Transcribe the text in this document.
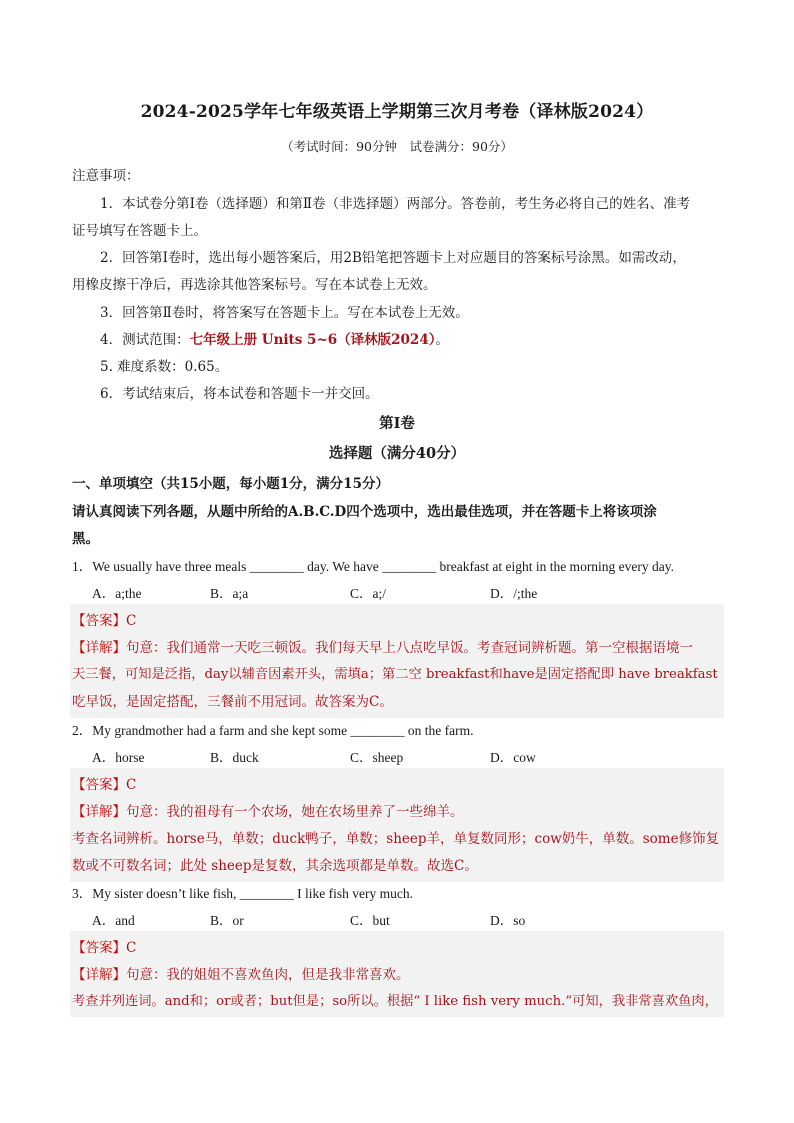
2024-2025学年七年级英语上学期第三次月考卷（译林版2024）
（考试时间：90分钟　试卷满分：90分）
注意事项：
1．本试卷分第Ⅰ卷（选择题）和第Ⅱ卷（非选择题）两部分。答卷前，考生务必将自己的姓名、准考
证号填写在答题卡上。
2．回答第Ⅰ卷时，选出每小题答案后，用2B铅笔把答题卡上对应题目的答案标号涂黑。如需改动，
用橡皮擦干净后，再选涂其他答案标号。写在本试卷上无效。
3．回答第Ⅱ卷时，将答案写在答题卡上。写在本试卷上无效。
4．测试范围：七年级上册 Units 5~6（译林版2024）。
5. 难度系数：0.65。
6．考试结束后，将本试卷和答题卡一并交回。
第Ⅰ卷
选择题（满分40分）
一、单项填空（共15小题，每小题1分，满分15分）
请认真阅读下列各题，从题中所给的A.B.C.D四个选项中，选出最佳选项，并在答题卡上将该项涂
黑。
1．We usually have three meals ________ day. We have ________ breakfast at eight in the morning every day.
A．a;the	B．a;a	C．a;/	D．/;the
【答案】C
【详解】句意：我们通常一天吃三顿饭。我们每天早上八点吃早饭。考查冠词辨析题。第一空根据语境一
天三餐，可知是泛指，day以辅音因素开头，需填a；第二空 breakfast和have是固定搭配即 have breakfast
吃早饭，是固定搭配，三餐前不用冠词。故答案为C。
2．My grandmother had a farm and she kept some ________ on the farm.
A．horse	B．duck	C．sheep	D．cow
【答案】C
【详解】句意：我的祖母有一个农场，她在农场里养了一些绵羊。
考查名词辨析。horse马，单数；duck鸭子，单数；sheep羊，单复数同形；cow奶牛，单数。some修饰复
数或不可数名词；此处 sheep是复数，其余选项都是单数。故选C。
3．My sister doesn’t like fish, ________ I like fish very much.
A．and	B．or	C．but	D．so
【答案】C
【详解】句意：我的姐姐不喜欢鱼肉，但是我非常喜欢。
考查并列连词。and和；or或者；but但是；so所以。根据“ I like fish very much.”可知，我非常喜欢鱼肉，
